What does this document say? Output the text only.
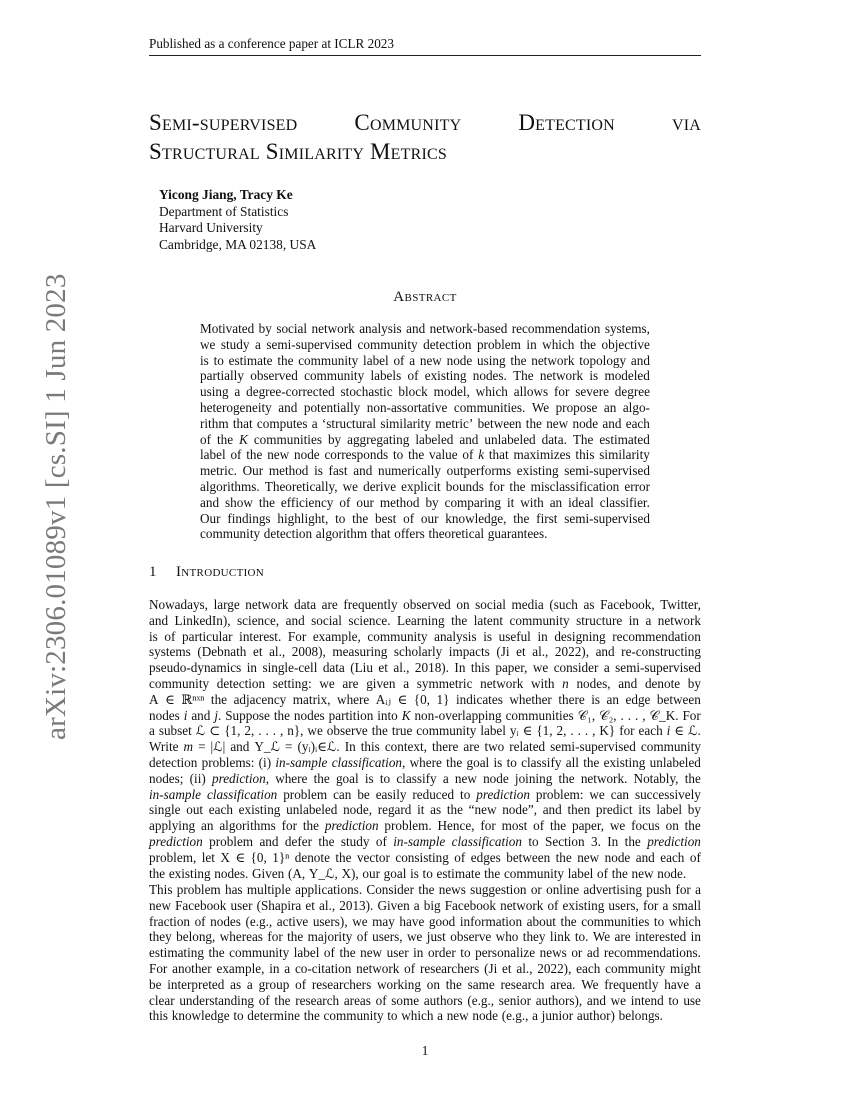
Published as a conference paper at ICLR 2023
arXiv:2306.01089v1 [cs.SI] 1 Jun 2023
Semi-supervised Community Detection via
Structural Similarity Metrics
Yicong Jiang, Tracy Ke
Department of Statistics
Harvard University
Cambridge, MA 02138, USA
Abstract
Motivated by social network analysis and network-based recommendation systems,
we study a semi-supervised community detection problem in which the objective
is to estimate the community label of a new node using the network topology and
partially observed community labels of existing nodes. The network is modeled
using a degree-corrected stochastic block model, which allows for severe degree
heterogeneity and potentially non-assortative communities. We propose an algo-
rithm that computes a ‘structural similarity metric’ between the new node and each
of the K communities by aggregating labeled and unlabeled data. The estimated
label of the new node corresponds to the value of k that maximizes this similarity
metric. Our method is fast and numerically outperforms existing semi-supervised
algorithms. Theoretically, we derive explicit bounds for the misclassification error
and show the efficiency of our method by comparing it with an ideal classifier.
Our findings highlight, to the best of our knowledge, the first semi-supervised
community detection algorithm that offers theoretical guarantees.
1 Introduction
Nowadays, large network data are frequently observed on social media (such as Facebook, Twitter,
and LinkedIn), science, and social science. Learning the latent community structure in a network
is of particular interest. For example, community analysis is useful in designing recommendation
systems (Debnath et al., 2008), measuring scholarly impacts (Ji et al., 2022), and re-constructing
pseudo-dynamics in single-cell data (Liu et al., 2018). In this paper, we consider a semi-supervised
community detection setting: we are given a symmetric network with n nodes, and denote by
A ∈ ℝⁿˣⁿ the adjacency matrix, where Aᵢⱼ ∈ {0, 1} indicates whether there is an edge between
nodes i and j. Suppose the nodes partition into K non-overlapping communities 𝒞₁, 𝒞₂, . . . , 𝒞_K. For
a subset ℒ ⊂ {1, 2, . . . , n}, we observe the true community label yᵢ ∈ {1, 2, . . . , K} for each i ∈ ℒ.
Write m = |ℒ| and Y_ℒ = (yᵢ)ᵢ∈ℒ. In this context, there are two related semi-supervised community
detection problems: (i) in-sample classification, where the goal is to classify all the existing unlabeled
nodes; (ii) prediction, where the goal is to classify a new node joining the network. Notably, the
in-sample classification problem can be easily reduced to prediction problem: we can successively
single out each existing unlabeled node, regard it as the “new node”, and then predict its label by
applying an algorithms for the prediction problem. Hence, for most of the paper, we focus on the
prediction problem and defer the study of in-sample classification to Section 3. In the prediction
problem, let X ∈ {0, 1}ⁿ denote the vector consisting of edges between the new node and each of
the existing nodes. Given (A, Y_ℒ, X), our goal is to estimate the community label of the new node.
This problem has multiple applications. Consider the news suggestion or online advertising push for a
new Facebook user (Shapira et al., 2013). Given a big Facebook network of existing users, for a small
fraction of nodes (e.g., active users), we may have good information about the communities to which
they belong, whereas for the majority of users, we just observe who they link to. We are interested in
estimating the community label of the new user in order to personalize news or ad recommendations.
For another example, in a co-citation network of researchers (Ji et al., 2022), each community might
be interpreted as a group of researchers working on the same research area. We frequently have a
clear understanding of the research areas of some authors (e.g., senior authors), and we intend to use
this knowledge to determine the community to which a new node (e.g., a junior author) belongs.
1
